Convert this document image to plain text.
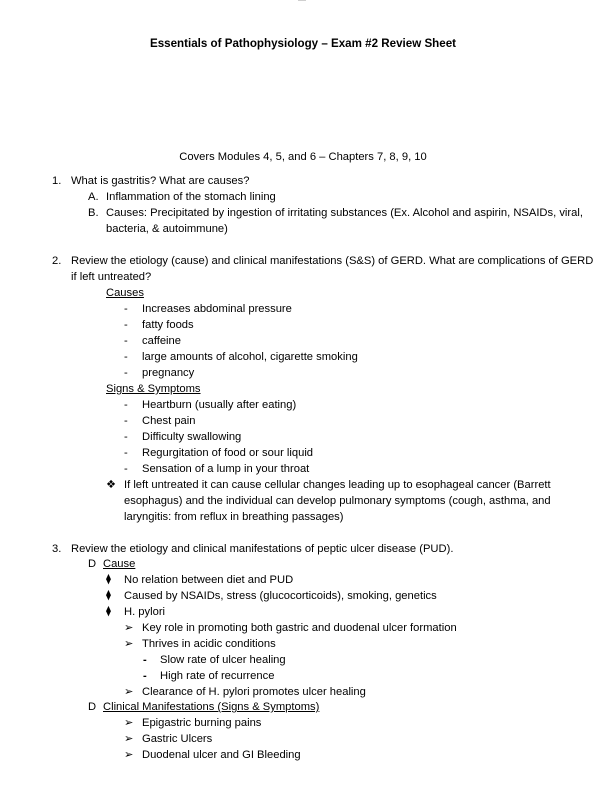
Essentials of Pathophysiology – Exam #2 Review Sheet
Covers Modules 4, 5, and 6 – Chapters 7, 8, 9, 10
1. What is gastritis? What are causes?
A. Inflammation of the stomach lining
B. Causes: Precipitated by ingestion of irritating substances (Ex. Alcohol and aspirin, NSAIDs, viral,
bacteria, & autoimmune)
2. Review the etiology (cause) and clinical manifestations (S&S) of GERD. What are complications of GERD
if left untreated?
Causes
- Increases abdominal pressure
- fatty foods
- caffeine
- large amounts of alcohol, cigarette smoking
- pregnancy
Signs & Symptoms
- Heartburn (usually after eating)
- Chest pain
- Difficulty swallowing
- Regurgitation of food or sour liquid
- Sensation of a lump in your throat
❖ If left untreated it can cause cellular changes leading up to esophageal cancer (Barrett
esophagus) and the individual can develop pulmonary symptoms (cough, asthma, and
laryngitis: from reflux in breathing passages)
3. Review the etiology and clinical manifestations of peptic ulcer disease (PUD).
D Cause
⧫ No relation between diet and PUD
⧫ Caused by NSAIDs, stress (glucocorticoids), smoking, genetics
⧫ H. pylori
➢ Key role in promoting both gastric and duodenal ulcer formation
➢ Thrives in acidic conditions
- Slow rate of ulcer healing
- High rate of recurrence
➢ Clearance of H. pylori promotes ulcer healing
D Clinical Manifestations (Signs & Symptoms)
➢ Epigastric burning pains
➢ Gastric Ulcers
➢ Duodenal ulcer and GI Bleeding
